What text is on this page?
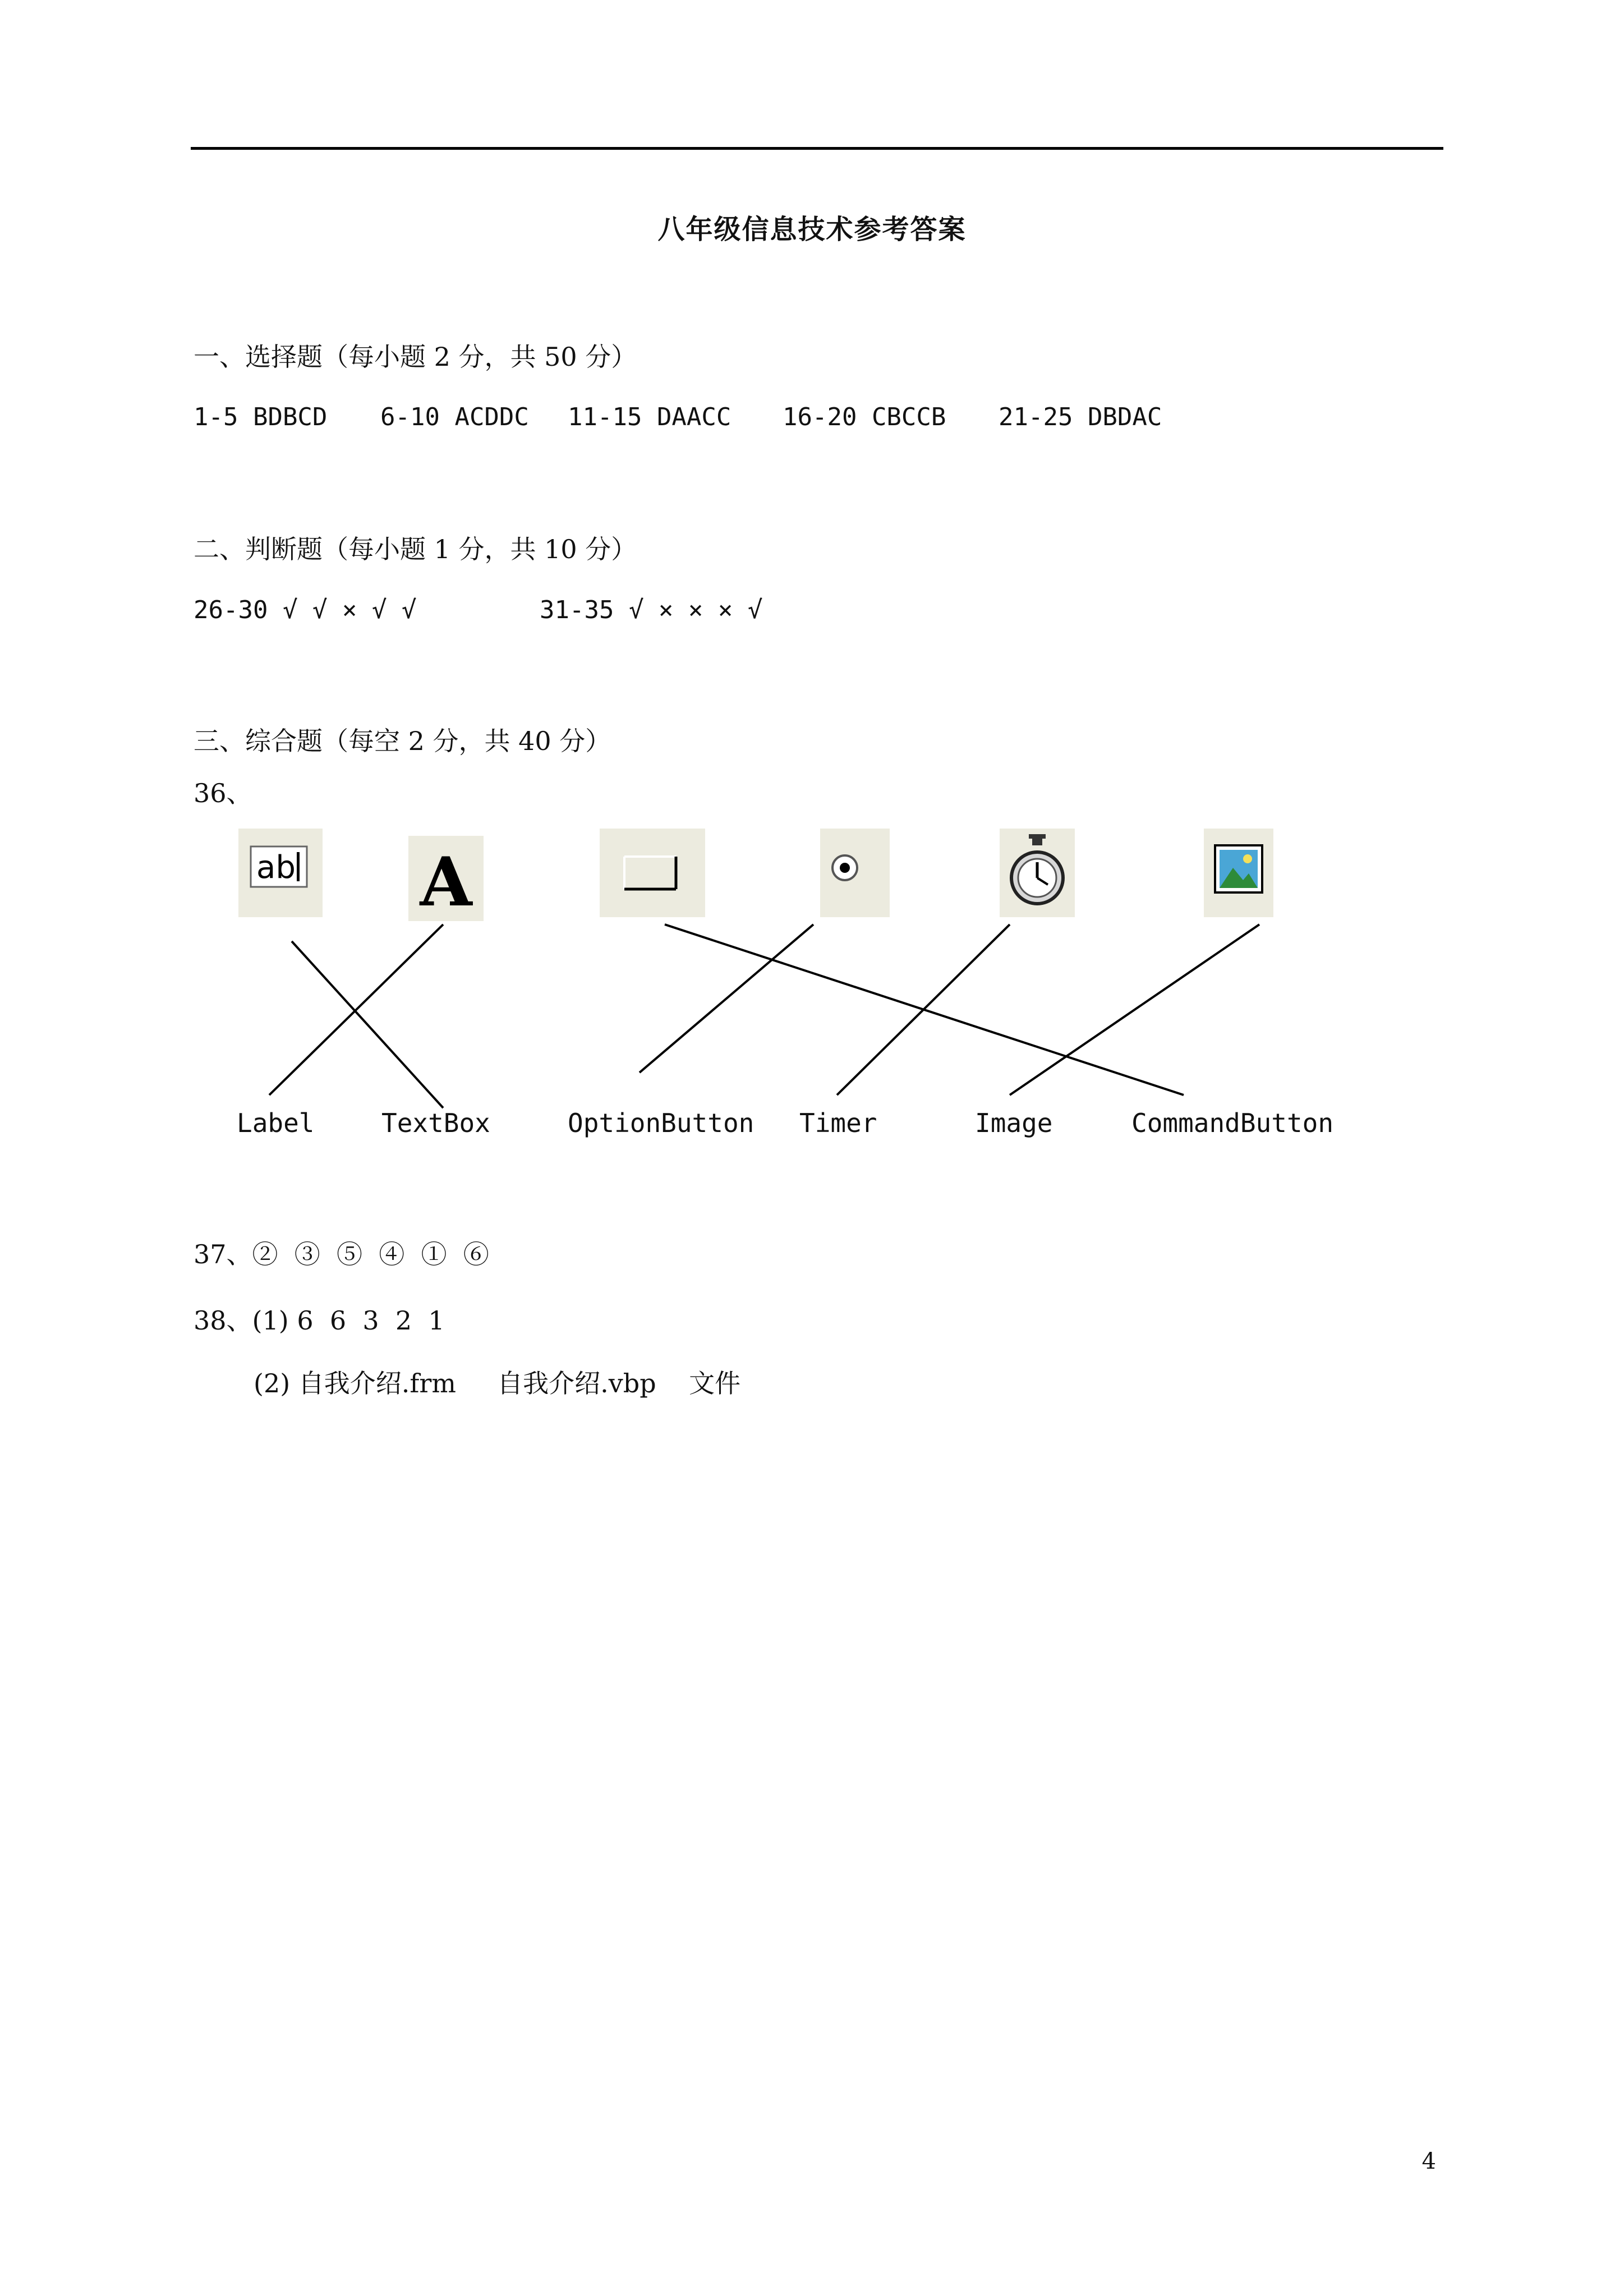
八年级信息技术参考答案
一、选择题（每小题 2 分，共 50 分）
1-5 BDBCD 6-10 ACDDC 11-15 DAACC 16-20 CBCCB 21-25 DBDAC
二、判断题（每小题 1 分，共 10 分）
26-30 √ √ × √ √	31-35 √ × × × √
三、综合题（每空 2 分，共 40 分）
36、
ab A
Label	TextBox	OptionButton Timer	Image	CommandButton
37、②  ③  ⑤  ④  ①  ⑥
38、(1) 6  6  3  2  1
(2) 自我介绍.frm     自我介绍.vbp    文件
4
